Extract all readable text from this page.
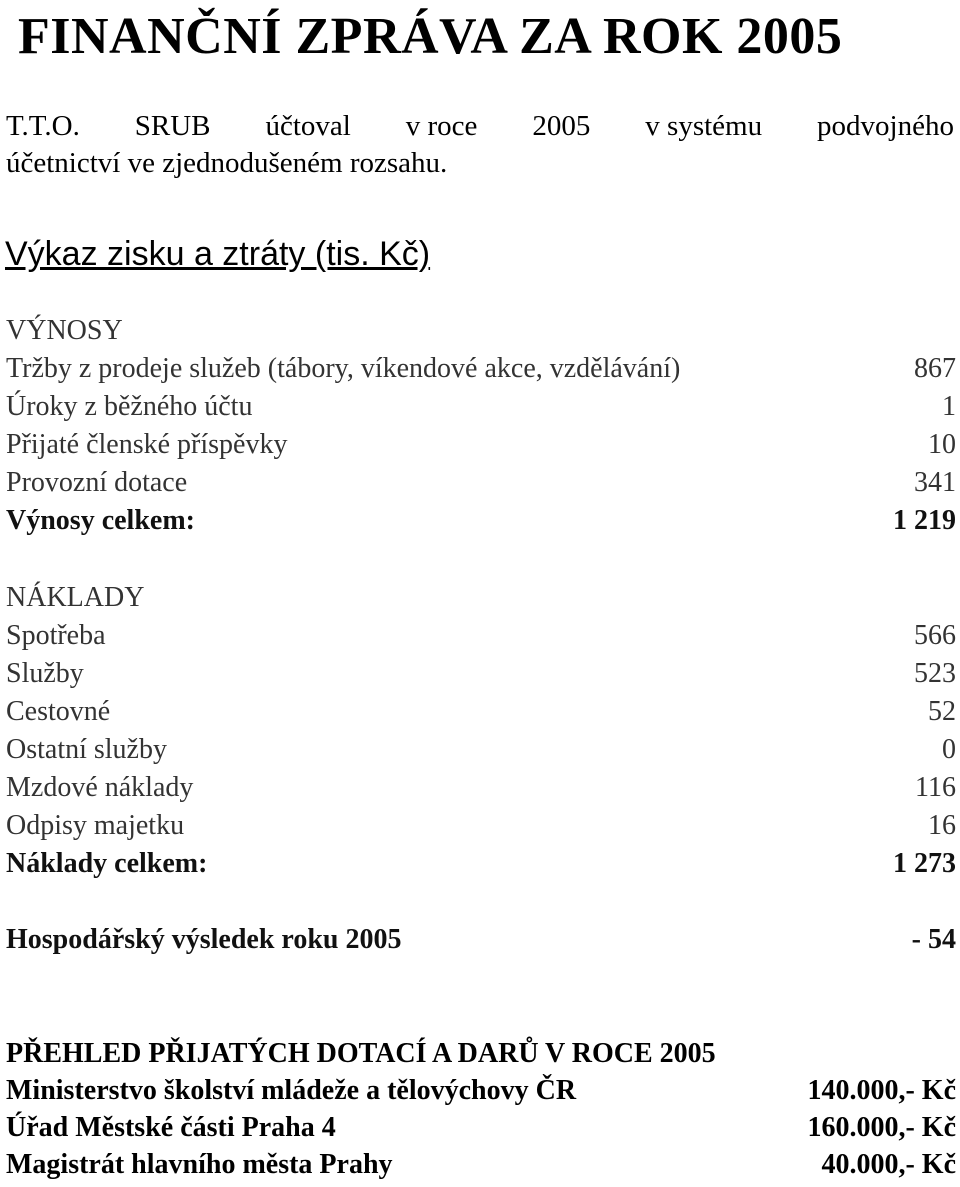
FINANČNÍ ZPRÁVA ZA ROK 2005
T.T.O. SRUB účtoval v roce 2005 v systému podvojného
účetnictví ve zjednodušeném rozsahu.
Výkaz zisku a ztráty (tis. Kč)
VÝNOSY
Tržby z prodeje služeb (tábory, víkendové akce, vzdělávání)	867
Úroky z běžného účtu	1
Přijaté členské příspěvky	10
Provozní dotace	341
Výnosy celkem:	1 219
NÁKLADY
Spotřeba	566
Služby	523
Cestovné	52
Ostatní služby	0
Mzdové náklady	116
Odpisy majetku	16
Náklady celkem:	1 273
Hospodářský výsledek roku 2005	- 54
PŘEHLED PŘIJATÝCH DOTACÍ A DARŮ V ROCE 2005
Ministerstvo školství mládeže a tělovýchovy ČR	140.000,- Kč
Úřad Městské části Praha 4	160.000,- Kč
Magistrát hlavního města Prahy	40.000,- Kč
